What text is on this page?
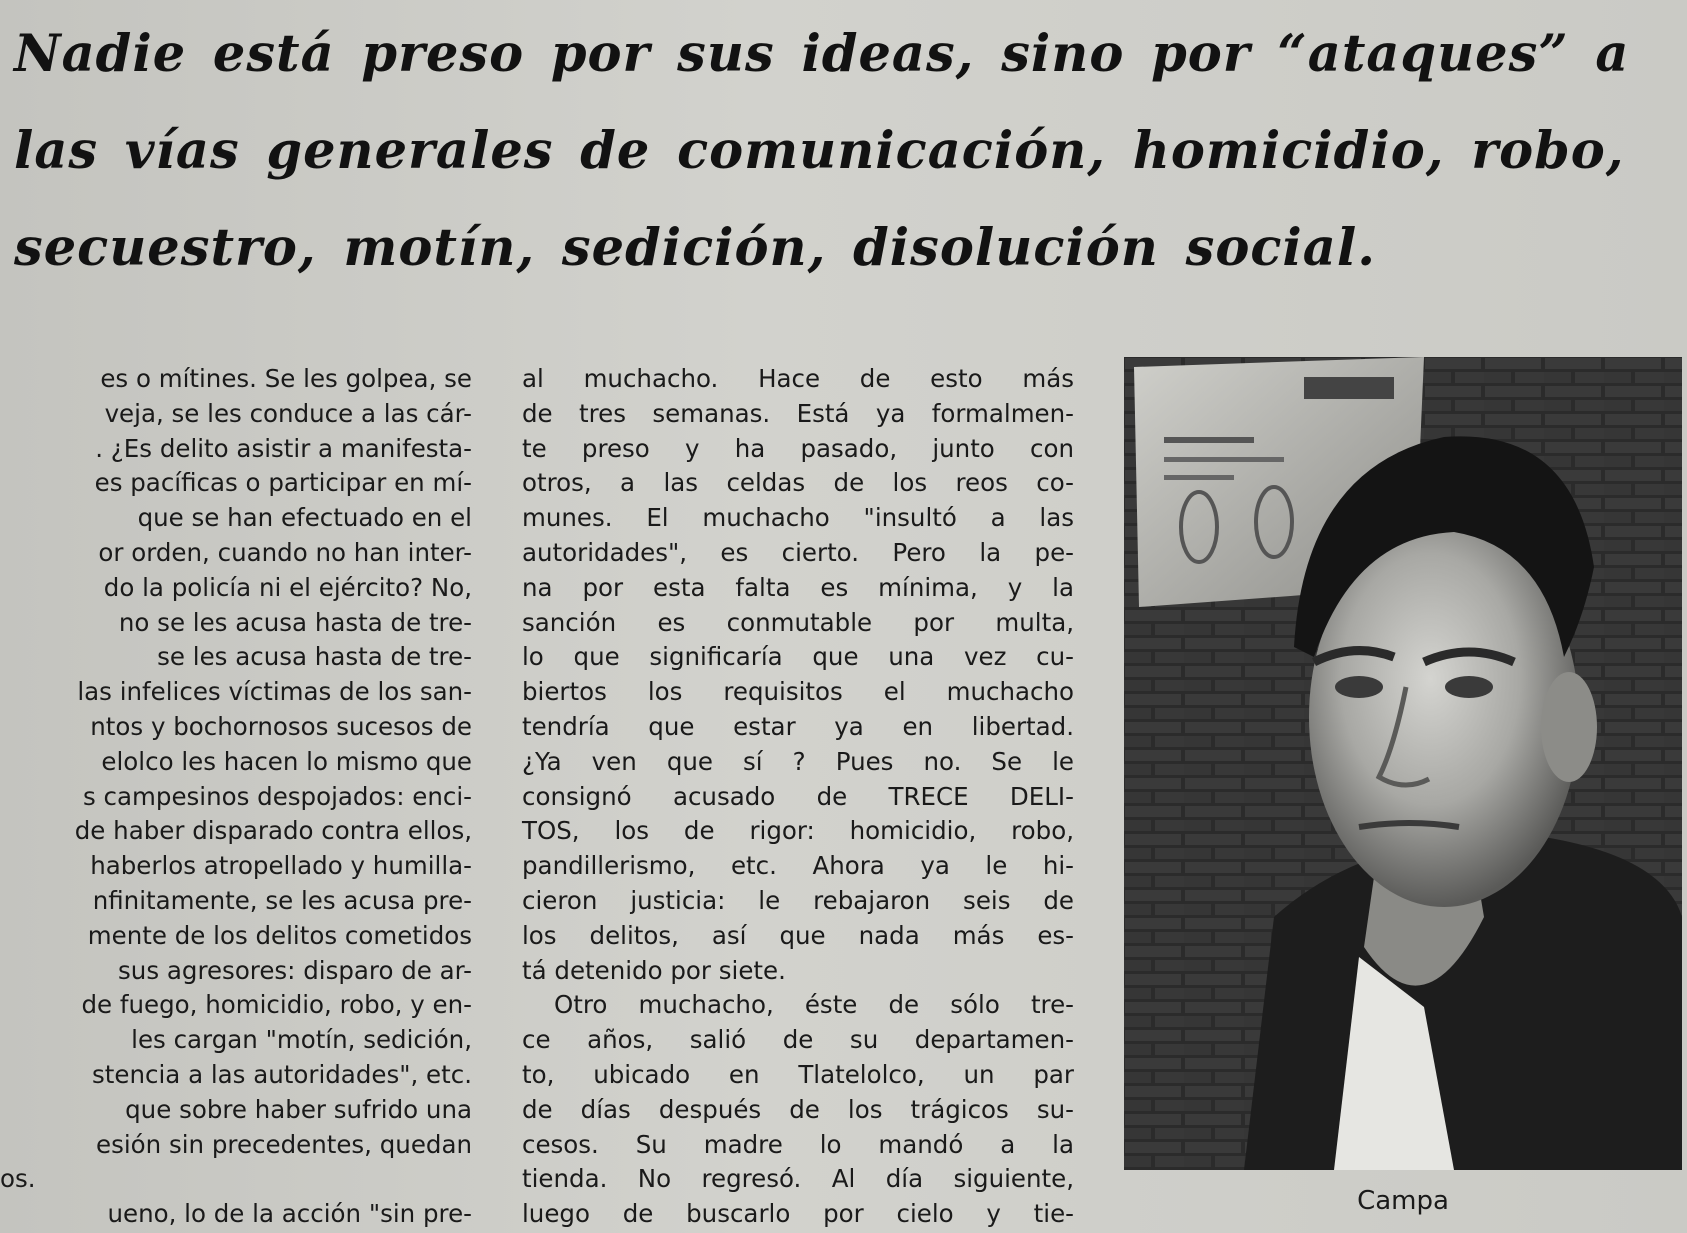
Nadie está preso por sus ideas, sino por “ataques” a
las vías generales de comunicación, homicidio, robo,
secuestro, motín, sedición, disolución social.
es o mítines. Se les golpea, se
veja, se les conduce a las cár-
. ¿Es delito asistir a manifesta-
es pacíficas o participar en mí-
que se han efectuado en el
or orden, cuando no han inter-
do la policía ni el ejército? No,
no se les acusa hasta de tre-
se les acusa hasta de tre-
las infelices víctimas de los san-
ntos y bochornosos sucesos de
elolco les hacen lo mismo que
s campesinos despojados: enci-
de haber disparado contra ellos,
haberlos atropellado y humilla-
nfinitamente, se les acusa pre-
mente de los delitos cometidos
sus agresores: disparo de ar-
de fuego, homicidio, robo, y en-
les cargan "motín, sedición,
stencia a las autoridades", etc.
que sobre haber sufrido una
esión sin precedentes, quedan
os.
ueno, lo de la acción "sin pre-
al muchacho. Hace de esto más
de tres semanas. Está ya formalmen-
te preso y ha pasado, junto con
otros, a las celdas de los reos co-
munes. El muchacho "insultó a las
autoridades", es cierto. Pero la pe-
na por esta falta es mínima, y la
sanción es conmutable por multa,
lo que significaría que una vez cu-
biertos los requisitos el muchacho
tendría que estar ya en libertad.
¿Ya ven que sí ? Pues no. Se le
consignó acusado de TRECE DELI-
TOS, los de rigor: homicidio, robo,
pandillerismo, etc. Ahora ya le hi-
cieron justicia: le rebajaron seis de
los delitos, así que nada más es-
tá detenido por siete.
Otro muchacho, éste de sólo tre-
ce años, salió de su departamen-
to, ubicado en Tlatelolco, un par
de días después de los trágicos su-
cesos. Su madre lo mandó a la
tienda. No regresó. Al día siguiente,
luego de buscarlo por cielo y tie-	Campa
